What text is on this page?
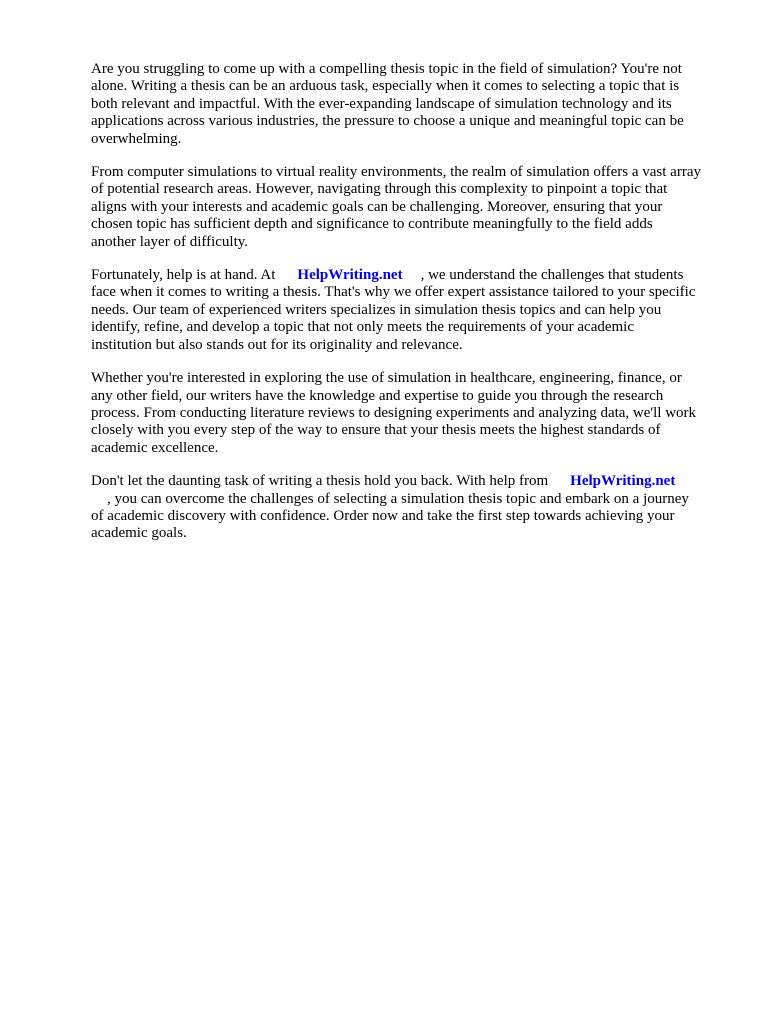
Are you struggling to come up with a compelling thesis topic in the field of simulation? You're not
alone. Writing a thesis can be an arduous task, especially when it comes to selecting a topic that is
both relevant and impactful. With the ever-expanding landscape of simulation technology and its
applications across various industries, the pressure to choose a unique and meaningful topic can be
overwhelming.

From computer simulations to virtual reality environments, the realm of simulation offers a vast array
of potential research areas. However, navigating through this complexity to pinpoint a topic that
aligns with your interests and academic goals can be challenging. Moreover, ensuring that your
chosen topic has sufficient depth and significance to contribute meaningfully to the field adds
another layer of difficulty.

Fortunately, help is at hand. At HelpWriting.net , we understand the challenges that students
face when it comes to writing a thesis. That's why we offer expert assistance tailored to your specific
needs. Our team of experienced writers specializes in simulation thesis topics and can help you
identify, refine, and develop a topic that not only meets the requirements of your academic
institution but also stands out for its originality and relevance.

Whether you're interested in exploring the use of simulation in healthcare, engineering, finance, or
any other field, our writers have the knowledge and expertise to guide you through the research
process. From conducting literature reviews to designing experiments and analyzing data, we'll work
closely with you every step of the way to ensure that your thesis meets the highest standards of
academic excellence.

Don't let the daunting task of writing a thesis hold you back. With help from HelpWriting.net
, you can overcome the challenges of selecting a simulation thesis topic and embark on a journey
of academic discovery with confidence. Order now and take the first step towards achieving your
academic goals.
